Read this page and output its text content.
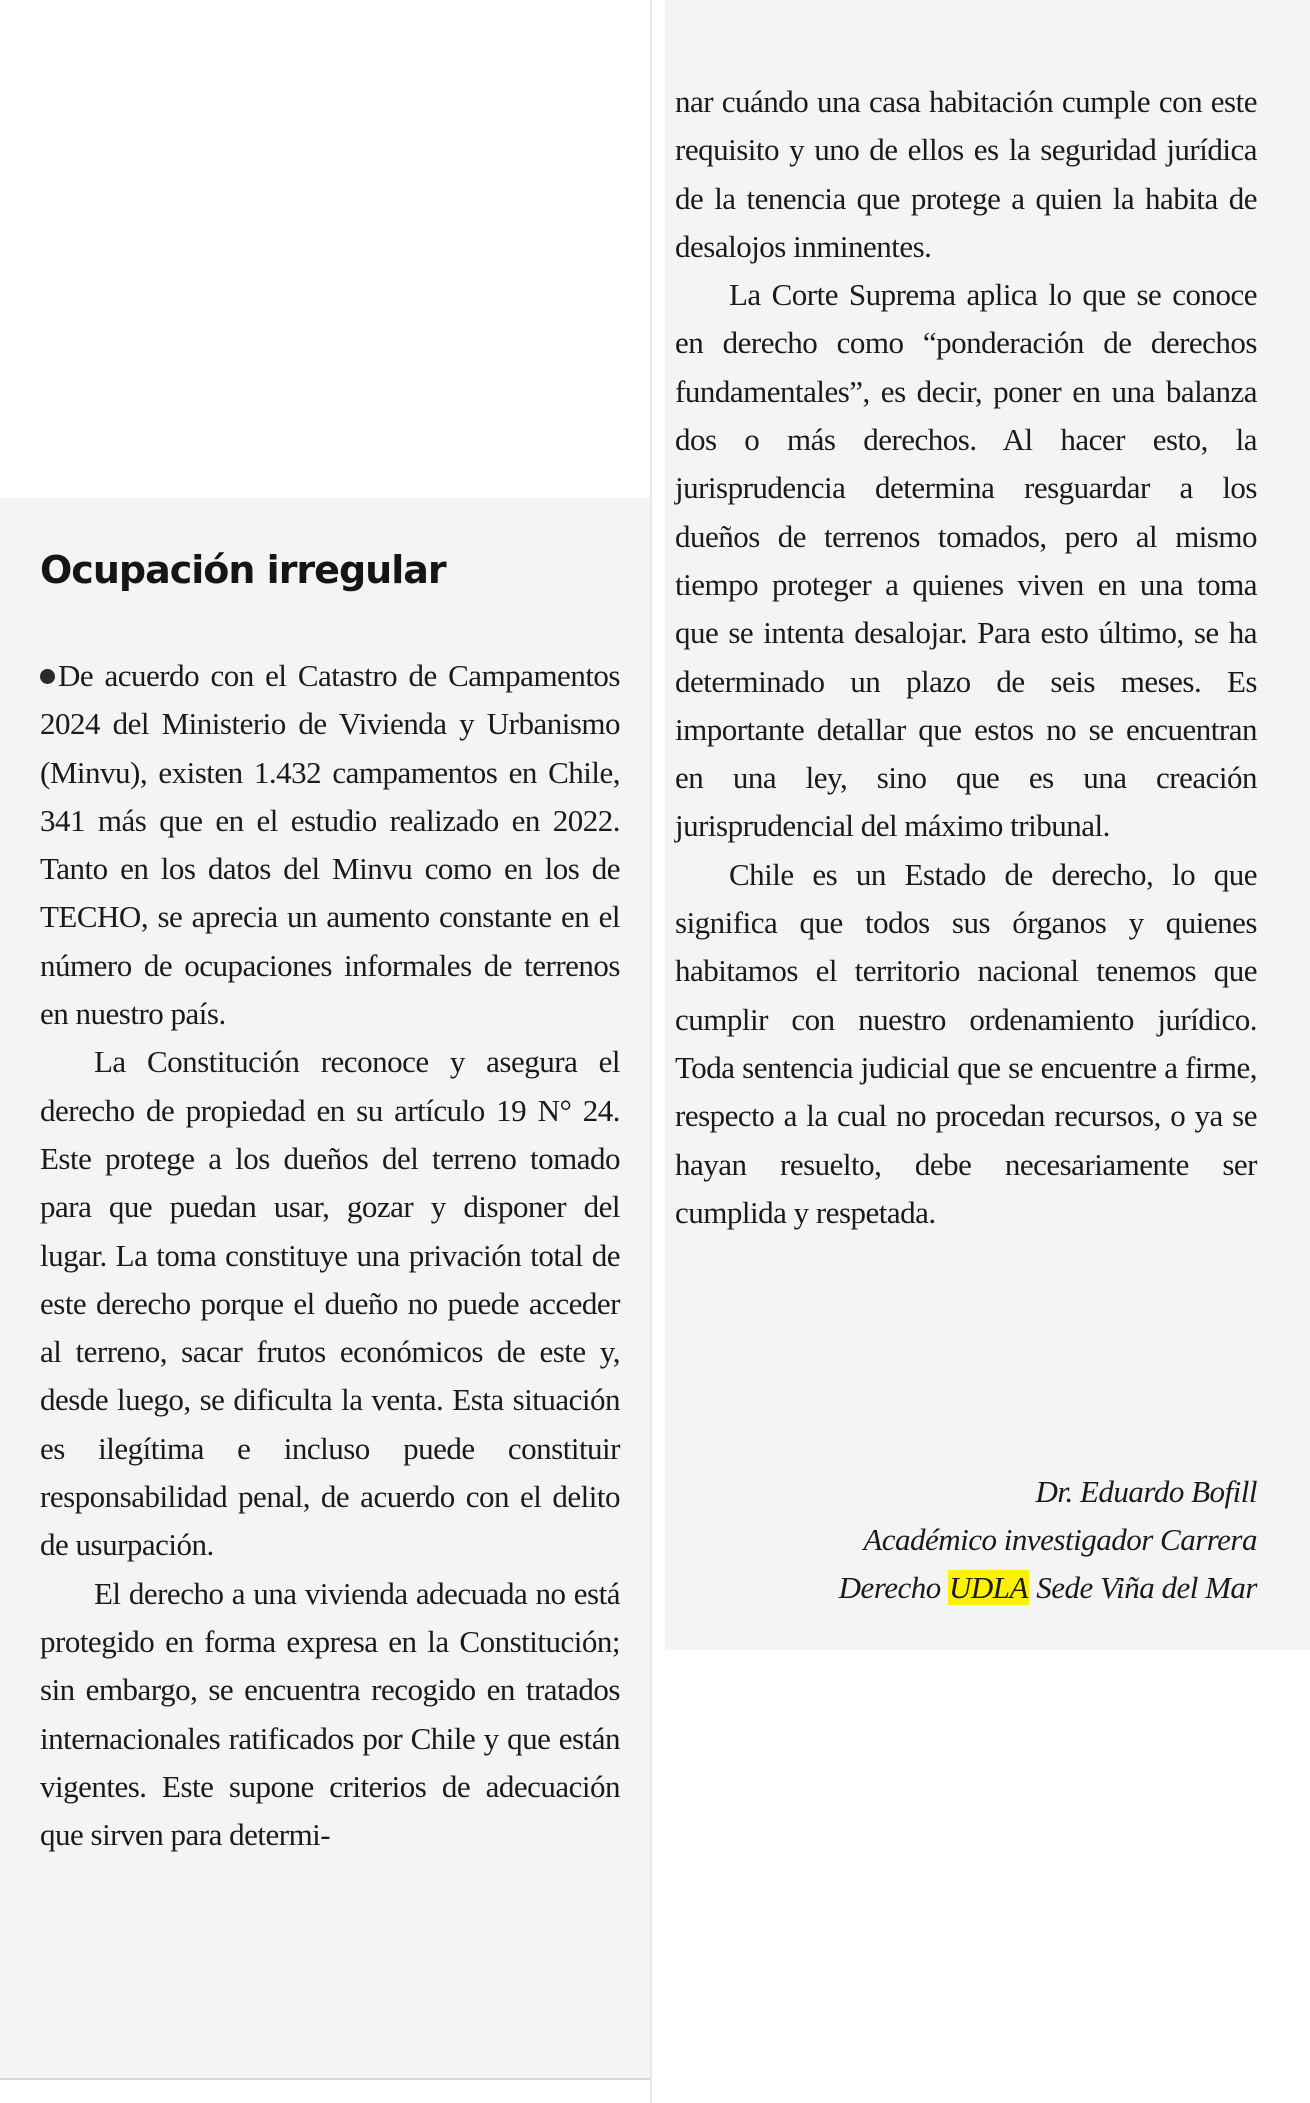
Ocupación irregular

De acuerdo con el Catastro de Campamentos 2024 del Ministerio de Vivienda y Urbanismo (Minvu), existen 1.432 campamentos en Chile, 341 más que en el estudio realizado en 2022. Tanto en los datos del Minvu como en los de TECHO, se aprecia un aumento constante en el número de ocupaciones informales de terrenos en nuestro país.

La Constitución reconoce y asegura el derecho de propiedad en su artículo 19 N° 24. Este protege a los dueños del terreno tomado para que puedan usar, gozar y disponer del lugar. La toma constituye una privación total de este derecho porque el dueño no puede acceder al terreno, sacar frutos económicos de este y, desde luego, se dificulta la venta. Esta situación es ilegítima e incluso puede constituir responsabilidad penal, de acuerdo con el delito de usurpación.

El derecho a una vivienda adecuada no está protegido en forma expresa en la Constitución; sin embargo, se encuentra recogido en tratados internacionales ratificados por Chile y que están vigentes. Este supone criterios de adecuación que sirven para determi-

nar cuándo una casa habitación cumple con este requisito y uno de ellos es la seguridad jurídica de la tenencia que protege a quien la habita de desalojos inminentes.

La Corte Suprema aplica lo que se conoce en derecho como “ponderación de derechos fundamentales”, es decir, poner en una balanza dos o más derechos. Al hacer esto, la jurisprudencia determina resguardar a los dueños de terrenos tomados, pero al mismo tiempo proteger a quienes viven en una toma que se intenta desalojar. Para esto último, se ha determinado un plazo de seis meses. Es importante detallar que estos no se encuentran en una ley, sino que es una creación jurisprudencial del máximo tribunal.

Chile es un Estado de derecho, lo que significa que todos sus órganos y quienes habitamos el territorio nacional tenemos que cumplir con nuestro ordenamiento jurídico. Toda sentencia judicial que se encuentre a firme, respecto a la cual no procedan recursos, o ya se hayan resuelto, debe necesariamente ser cumplida y respetada.

Dr. Eduardo Bofill
Académico investigador Carrera
Derecho UDLA Sede Viña del Mar
